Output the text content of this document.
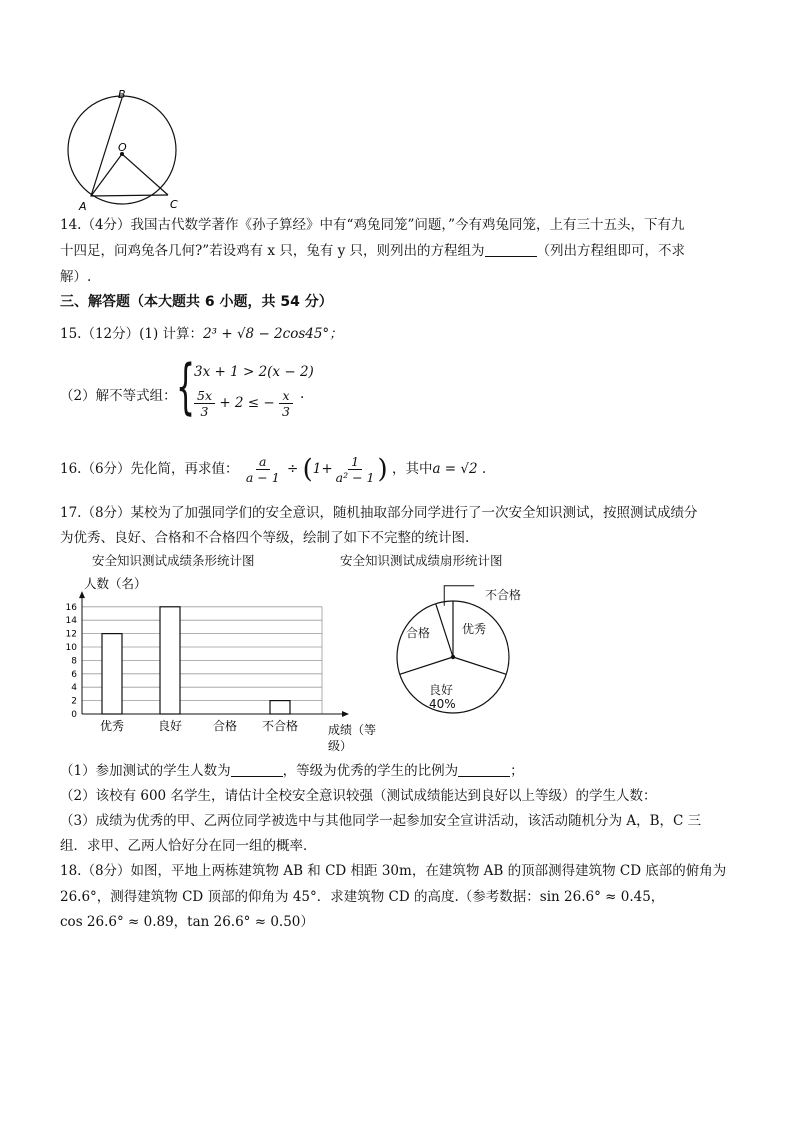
B
O
A	C
14.（4分）我国古代数学著作《孙子算经》中有“鸡兔同笼”问题，”今有鸡兔同笼，上有三十五头，下有九
十四足，问鸡兔各几何?”若设鸡有 x 只，兔有 y 只，则列出的方程组为	（列出方程组即可，不求
解）.
三、解答题（本大题共 6 小题，共 54 分）
15.（12分）(1) 计算：2³ + √8 − 2cos45°；
（2）解不等式组： {
3x + 1 > 2(x − 2)
$\frac{5x}{3} + 2$ ≤ − $\frac{x}{3}$ .
16.（6分）先化简，再求值： $\frac{a}{a - 1} \div (1+ \frac{1}{\text{a² − 1}}$ ) ，其中a = √2 .
17.（8分）某校为了加强同学们的安全意识，随机抽取部分同学进行了一次安全知识测试，按照测试成绩分
为优秀、良好、合格和不合格四个等级，绘制了如下不完整的统计图.
安全知识测试成绩条形统计图	安全知识测试成绩扇形统计图
0
2
4
6
8
10
12
14
16
人数（名）
成绩（等
级）
优秀	良好	合格 不合格
不合格
合格	优秀
良好
40%
（1）参加测试的学生人数为	，等级为优秀的学生的比例为	；
（2）该校有 600 名学生，请估计全校安全意识较强（测试成绩能达到良好以上等级）的学生人数：
（3）成绩为优秀的甲、乙两位同学被选中与其他同学一起参加安全宣讲活动，该活动随机分为 A，B，C 三
组．求甲、乙两人恰好分在同一组的概率．
18.（8分）如图，平地上两栋建筑物 AB 和 CD 相距 30m，在建筑物 AB 的顶部测得建筑物 CD 底部的俯角为
26.6°，测得建筑物 CD 顶部的仰角为 45°．求建筑物 CD 的高度.（参考数据：sin 26.6° ≈ 0.45，
cos 26.6° ≈ 0.89，tan 26.6° ≈ 0.50）
